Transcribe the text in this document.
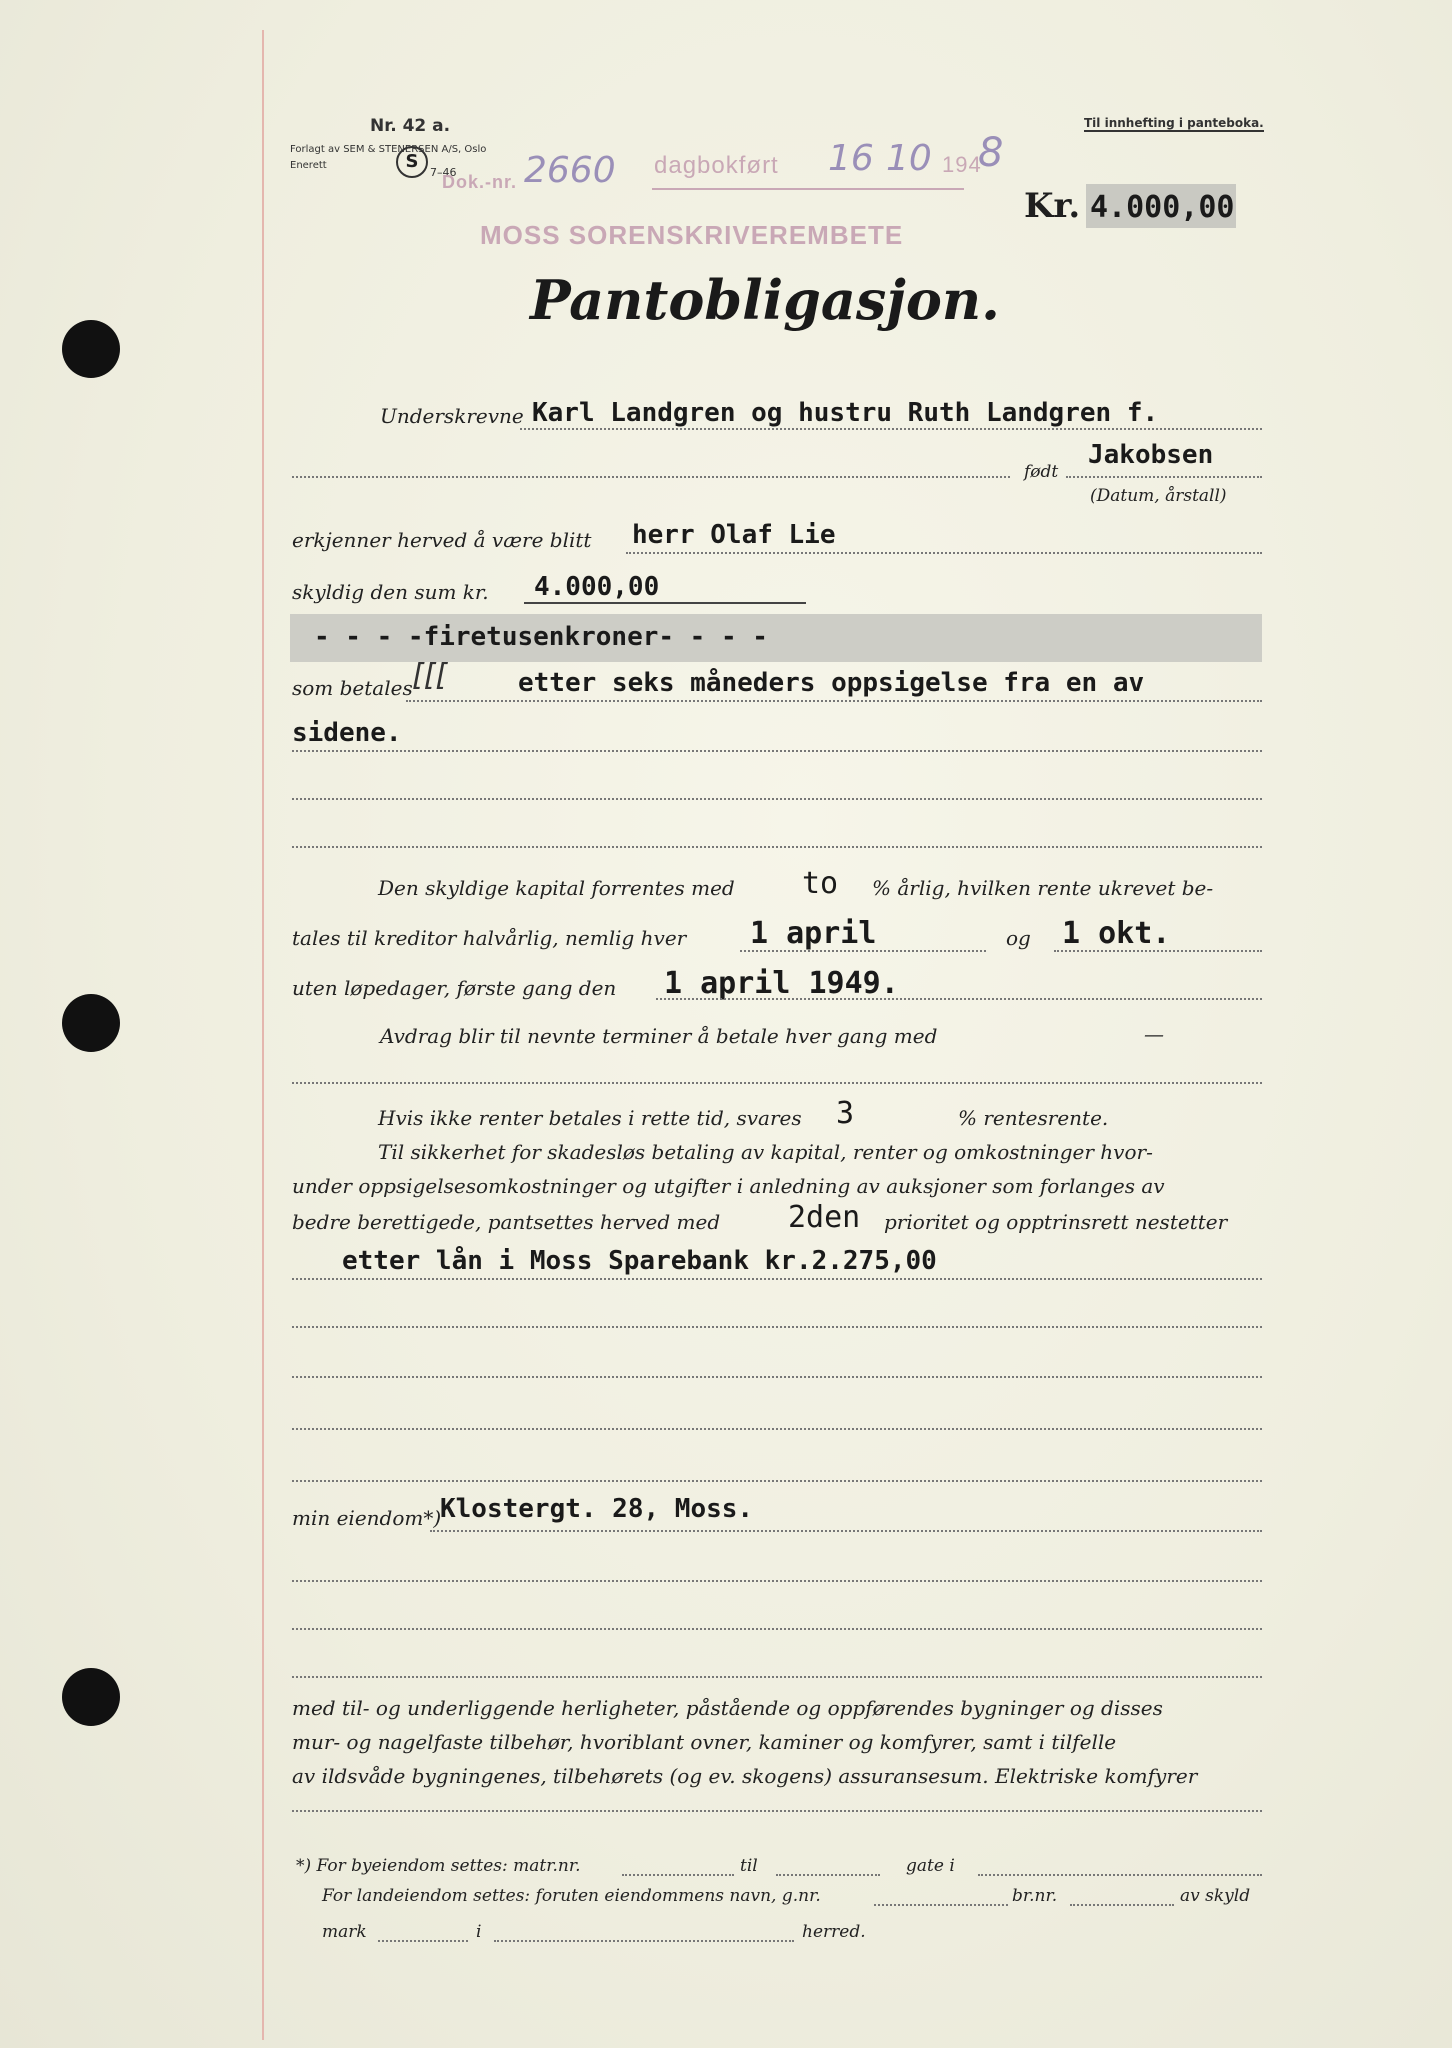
Nr. 42 a.
Forlagt av SEM & STENERSEN A/S, Oslo
Enerett	S
7–46
Til innhefting i panteboka.
Dok.-nr. 2660 dagbokført 16 10 194
8
MOSS SORENSKRIVEREMBETE
Kr. 4.000,00
Pantobligasjon.
Underskrevne Karl Landgren og hustru Ruth Landgren f.
Jakobsen
født
(Datum, årstall)
erkjenner herved å være blitt herr Olaf Lie
skyldig den sum kr. 4.000,00
- - - -firetusenkroner- - - -
som betales [[[	etter seks måneders oppsigelse fra en av
sidene.
Den skyldige kapital forrentes med to % årlig, hvilken rente ukrevet be-
tales til kreditor halvårlig, nemlig hver 1 april	og 1 okt.
uten løpedager, første gang den 1 april 1949.
Avdrag blir til nevnte terminer å betale hver gang med	—
Hvis ikke renter betales i rette tid, svares 3	% rentesrente.
Til sikkerhet for skadesløs betaling av kapital, renter og omkostninger hvor-
under oppsigelsesomkostninger og utgifter i anledning av auksjoner som forlanges av
bedre berettigede, pantsettes herved med 2den prioritet og opptrinsrett nestetter
etter lån i Moss Sparebank kr.2.275,00
min eiendom*)
Klostergt. 28, Moss.
med til- og underliggende herligheter, påstående og oppførendes bygninger og disses
mur- og nagelfaste tilbehør, hvoriblant ovner, kaminer og komfyrer, samt i tilfelle
av ildsvåde bygningenes, tilbehørets (og ev. skogens) assuransesum. Elektriske komfyrer
*) For byeiendom settes: matr.nr.	til	gate i
For landeiendom settes: foruten eiendommens navn, g.nr.	br.nr.	av skyld
mark	i	herred.
